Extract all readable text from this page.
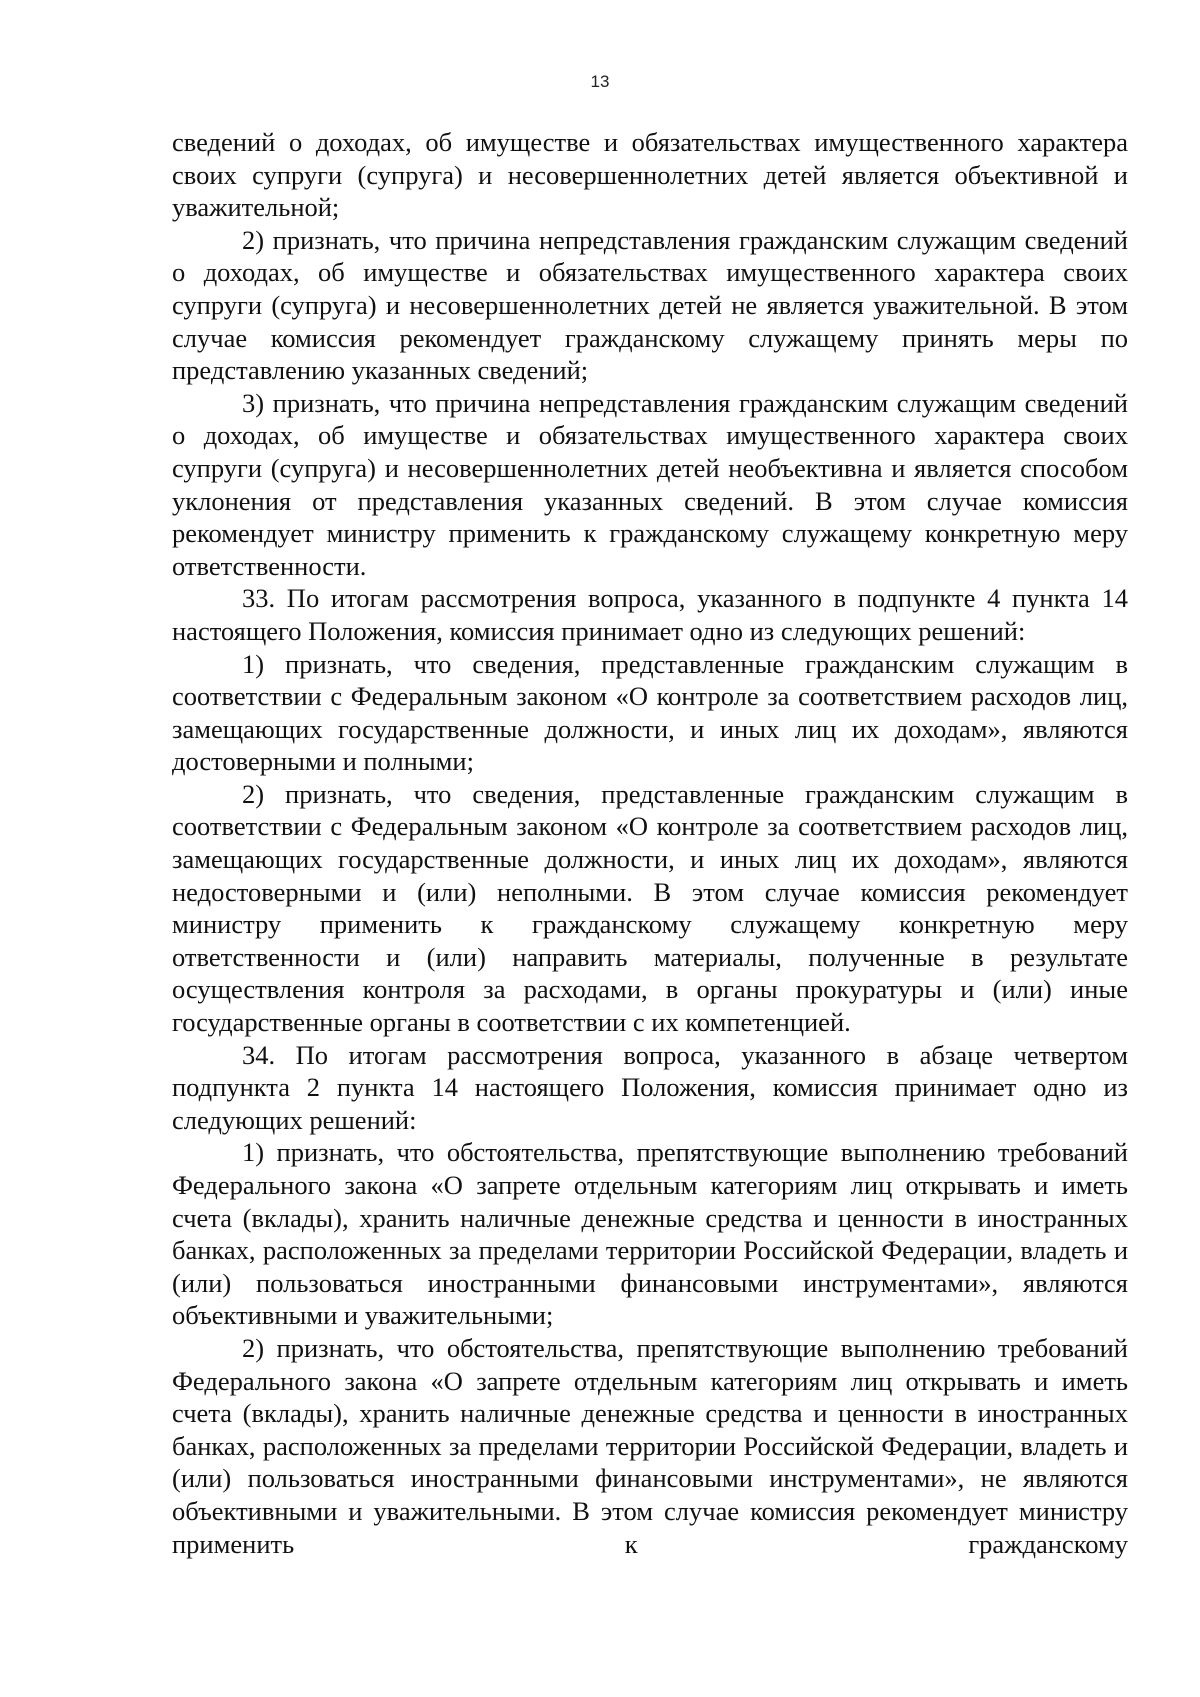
13

сведений о доходах, об имуществе и обязательствах имущественного характера своих супруги (супруга) и несовершеннолетних детей является объективной и уважительной;

2) признать, что причина непредставления гражданским служащим сведений о доходах, об имуществе и обязательствах имущественного характера своих супруги (супруга) и несовершеннолетних детей не является уважительной. В этом случае комиссия рекомендует гражданскому служащему принять меры по представлению указанных сведений;

3) признать, что причина непредставления гражданским служащим сведений о доходах, об имуществе и обязательствах имущественного характера своих супруги (супруга) и несовершеннолетних детей необъективна и является способом уклонения от представления указанных сведений. В этом случае комиссия рекомендует министру применить к гражданскому служащему конкретную меру ответственности.

33. По итогам рассмотрения вопроса, указанного в подпункте 4 пункта 14 настоящего Положения, комиссия принимает одно из следующих решений:

1) признать, что сведения, представленные гражданским служащим в соответствии с Федеральным законом «О контроле за соответствием расходов лиц, замещающих государственные должности, и иных лиц их доходам», являются достоверными и полными;

2) признать, что сведения, представленные гражданским служащим в соответствии с Федеральным законом «О контроле за соответствием расходов лиц, замещающих государственные должности, и иных лиц их доходам», являются недостоверными и (или) неполными. В этом случае комиссия рекомендует министру применить к гражданскому служащему конкретную меру ответственности и (или) направить материалы, полученные в результате осуществления контроля за расходами, в органы прокуратуры и (или) иные государственные органы в соответствии с их компетенцией.

34. По итогам рассмотрения вопроса, указанного в абзаце четвертом подпункта 2 пункта 14 настоящего Положения, комиссия принимает одно из следующих решений:

1) признать, что обстоятельства, препятствующие выполнению требований Федерального закона «О запрете отдельным категориям лиц открывать и иметь счета (вклады), хранить наличные денежные средства и ценности в иностранных банках, расположенных за пределами территории Российской Федерации, владеть и (или) пользоваться иностранными финансовыми инструментами», являются объективными и уважительными;

2) признать, что обстоятельства, препятствующие выполнению требований Федерального закона «О запрете отдельным категориям лиц открывать и иметь счета (вклады), хранить наличные денежные средства и ценности в иностранных банках, расположенных за пределами территории Российской Федерации, владеть и (или) пользоваться иностранными финансовыми инструментами», не являются объективными и уважительными. В этом случае комиссия рекомендует министру применить к гражданскому
